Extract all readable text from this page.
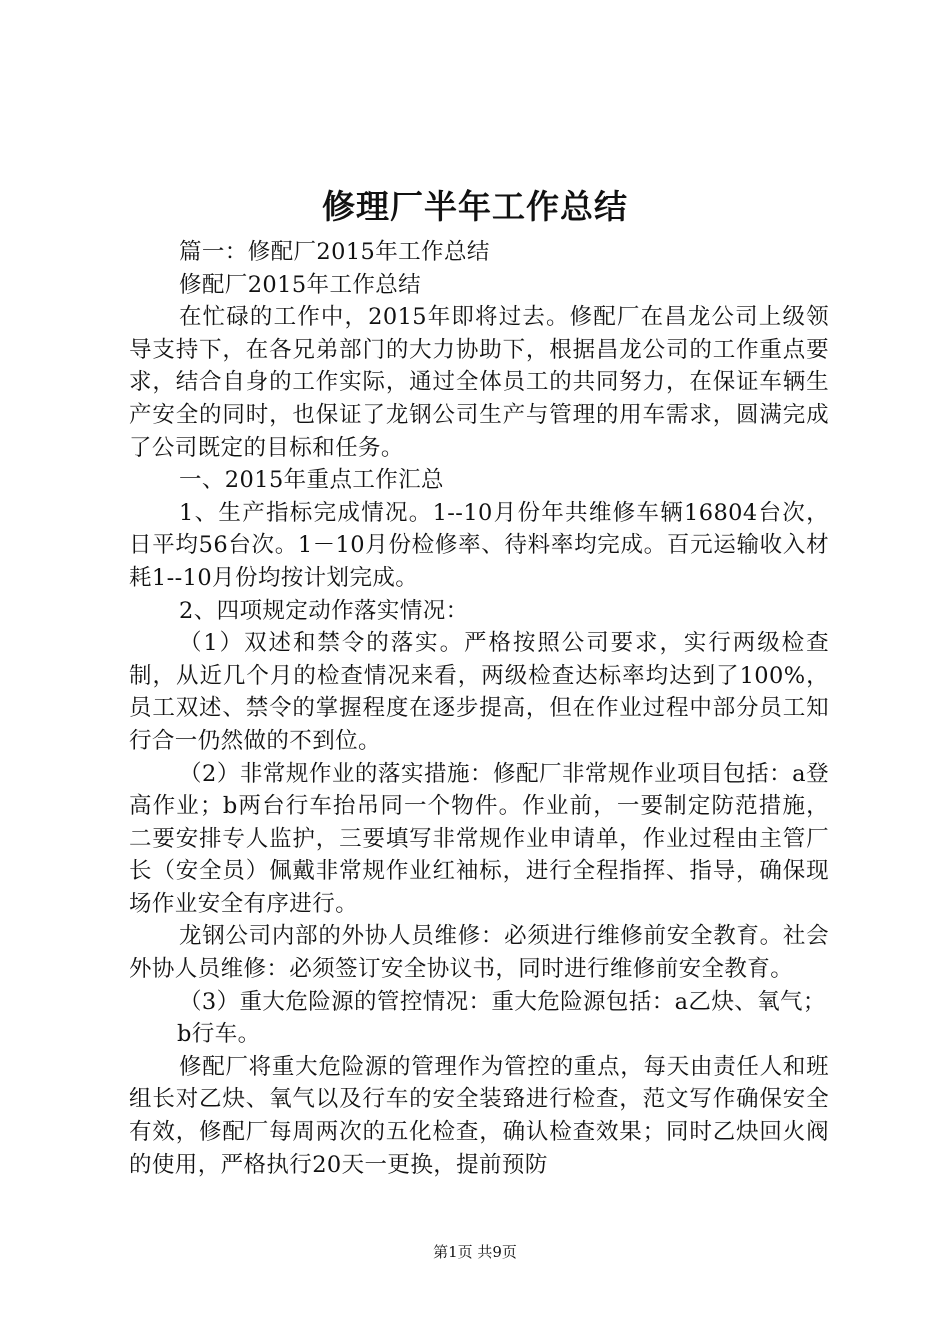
修理厂半年工作总结

篇一：修配厂2015年工作总结

修配厂2015年工作总结

在忙碌的工作中，2015年即将过去。修配厂在昌龙公司上级领导支持下，在各兄弟部门的大力协助下，根据昌龙公司的工作重点要求，结合自身的工作实际，通过全体员工的共同努力，在保证车辆生产安全的同时，也保证了龙钢公司生产与管理的用车需求，圆满完成了公司既定的目标和任务。

一、2015年重点工作汇总

1、生产指标完成情况。1--10月份年共维修车辆16804台次，日平均56台次。1－10月份检修率、待料率均完成。百元运输收入材耗1--10月份均按计划完成。

2、四项规定动作落实情况：

（1）双述和禁令的落实。严格按照公司要求，实行两级检查制，从近几个月的检查情况来看，两级检查达标率均达到了100%，员工双述、禁令的掌握程度在逐步提高，但在作业过程中部分员工知行合一仍然做的不到位。

（2）非常规作业的落实措施：修配厂非常规作业项目包括：a登高作业；b两台行车抬吊同一个物件。作业前，一要制定防范措施，二要安排专人监护，三要填写非常规作业申请单，作业过程由主管厂长（安全员）佩戴非常规作业红袖标，进行全程指挥、指导，确保现场作业安全有序进行。

龙钢公司内部的外协人员维修：必须进行维修前安全教育。社会外协人员维修：必须签订安全协议书，同时进行维修前安全教育。

（3）重大危险源的管控情况：重大危险源包括：a乙炔、氧气；

b行车。

修配厂将重大危险源的管理作为管控的重点，每天由责任人和班组长对乙炔、氧气以及行车的安全装臵进行检查，范文写作确保安全有效，修配厂每周两次的五化检查，确认检查效果；同时乙炔回火阀的使用，严格执行20天一更换，提前预防

第1页 共9页
